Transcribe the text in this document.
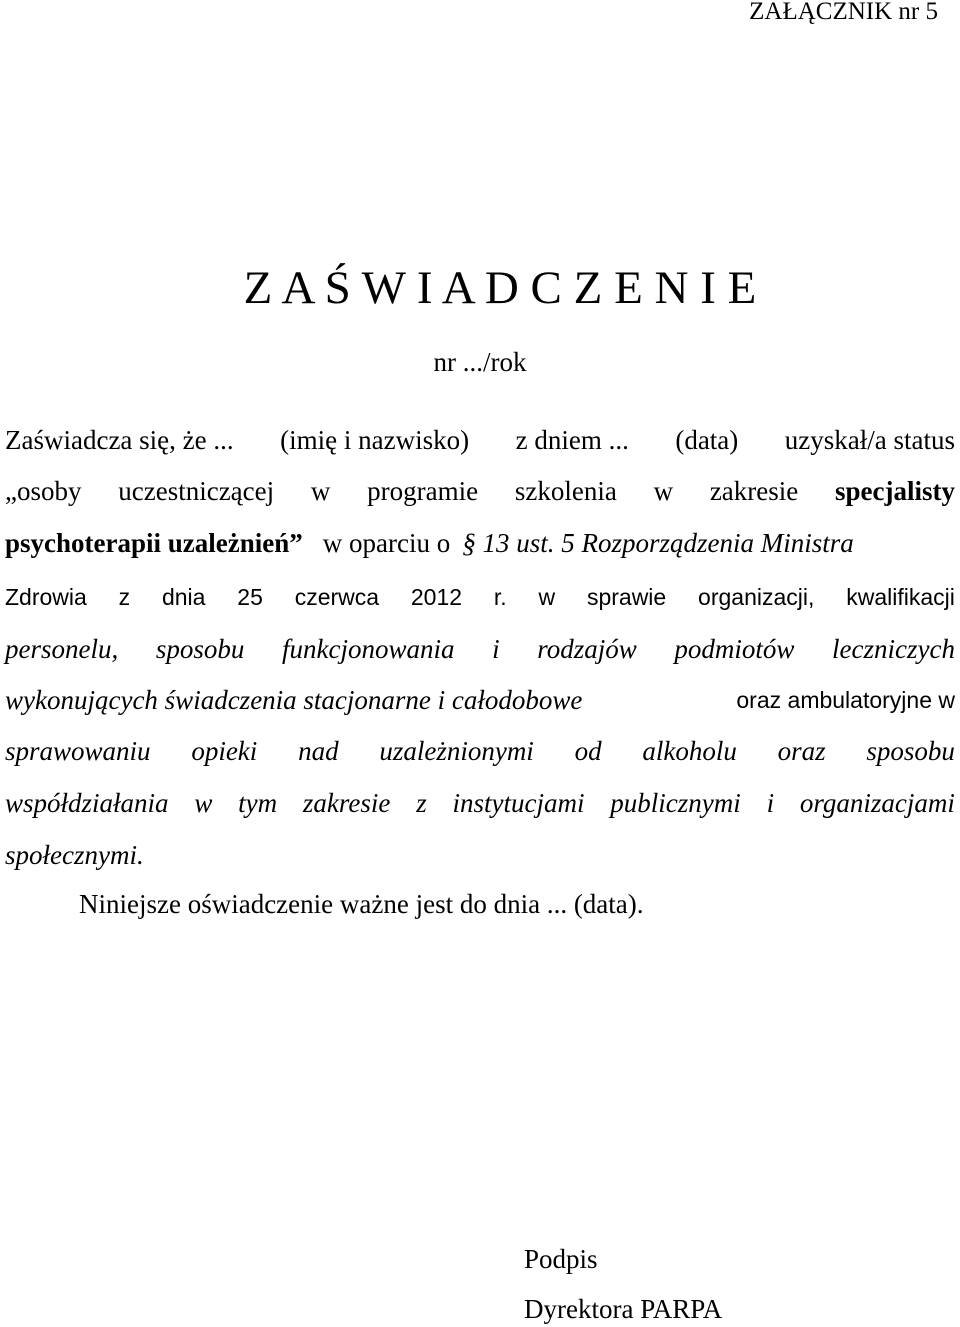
ZAŁĄCZNIK nr 5
Z A Ś W I A D C Z E N I E
nr .../rok
Zaświadcza się, że ... (imię i nazwisko) z dniem ... (data) uzyskał/a status
„osoby uczestniczącej w programie szkolenia w zakresie specjalisty
psychoterapii uzależnień” w oparciu o § 13 ust. 5 Rozporządzenia Ministra
Zdrowia z dnia 25 czerwca 2012 r. w sprawie organizacji, kwalifikacji
personelu, sposobu funkcjonowania i rodzajów podmiotów leczniczych
wykonujących świadczenia stacjonarne i całodobowe	oraz ambulatoryjne w
sprawowaniu opieki nad uzależnionymi od alkoholu oraz sposobu
współdziałania w tym zakresie z instytucjami publicznymi i organizacjami
społecznymi.
Niniejsze oświadczenie ważne jest do dnia ... (data).
Podpis
Dyrektora PARPA
